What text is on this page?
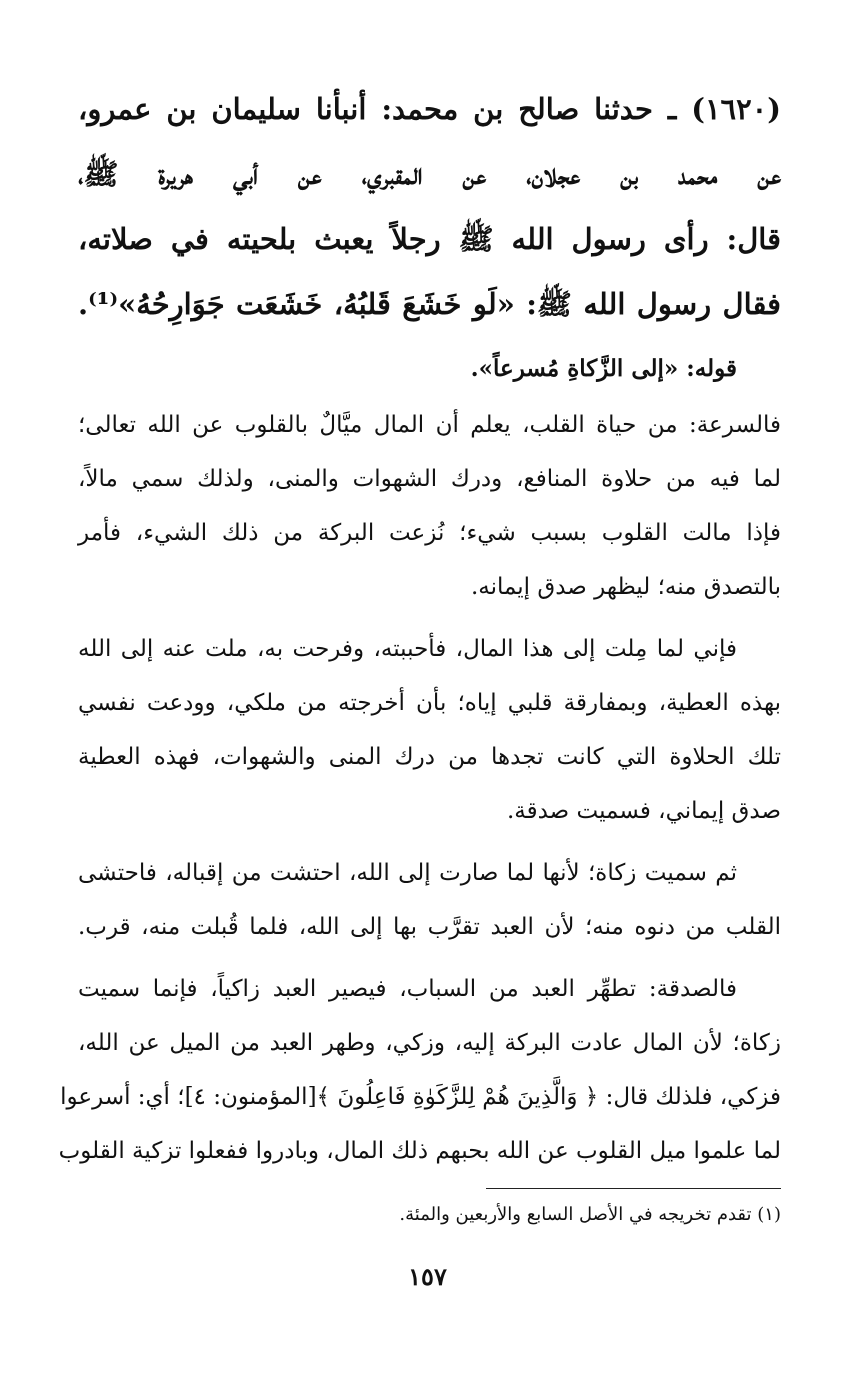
(١٦٢٠) ـ حدثنا صالح بن محمد: أنبأنا سليمان بن عمرو،
عن محمد بن عجلان، عن المقبري، عن أبي هريرة ﷺ،
قال: رأى رسول الله ﷺ رجلاً يعبث بلحيته في صلاته،
فقال رسول الله ﷺ: «لَو خَشَعَ قَلبُهُ، خَشَعَت جَوَارِحُهُ»⁽¹⁾.
قوله: «إلى الزَّكاةِ مُسرعاً».
فالسرعة: من حياة القلب، يعلم أن المال ميَّالٌ بالقلوب عن الله تعالى؛
لما فيه من حلاوة المنافع، ودرك الشهوات والمنى، ولذلك سمي مالاً،
فإذا مالت القلوب بسبب شيء؛ نُزعت البركة من ذلك الشيء، فأمر
بالتصدق منه؛ ليظهر صدق إيمانه.
فإني لما مِلت إلى هذا المال، فأحببته، وفرحت به، ملت عنه إلى الله
بهذه العطية، وبمفارقة قلبي إياه؛ بأن أخرجته من ملكي، وودعت نفسي
تلك الحلاوة التي كانت تجدها من درك المنى والشهوات، فهذه العطية
صدق إيماني، فسميت صدقة.
ثم سميت زكاة؛ لأنها لما صارت إلى الله، احتشت من إقباله، فاحتشى
القلب من دنوه منه؛ لأن العبد تقرَّب بها إلى الله، فلما قُبلت منه، قرب.
فالصدقة: تطهِّر العبد من السباب، فيصير العبد زاكياً، فإنما سميت
زكاة؛ لأن المال عادت البركة إليه، وزكي، وطهر العبد من الميل عن الله،
فزكي، فلذلك قال: ﴿ وَالَّذِينَ هُمْ لِلزَّكَوٰةِ فَاعِلُونَ ﴾[المؤمنون: ٤]؛ أي: أسرعوا
لما علموا ميل القلوب عن الله بحبهم ذلك المال، وبادروا ففعلوا تزكية القلوب
(١) تقدم تخريجه في الأصل السابع والأربعين والمئة.
١٥٧
